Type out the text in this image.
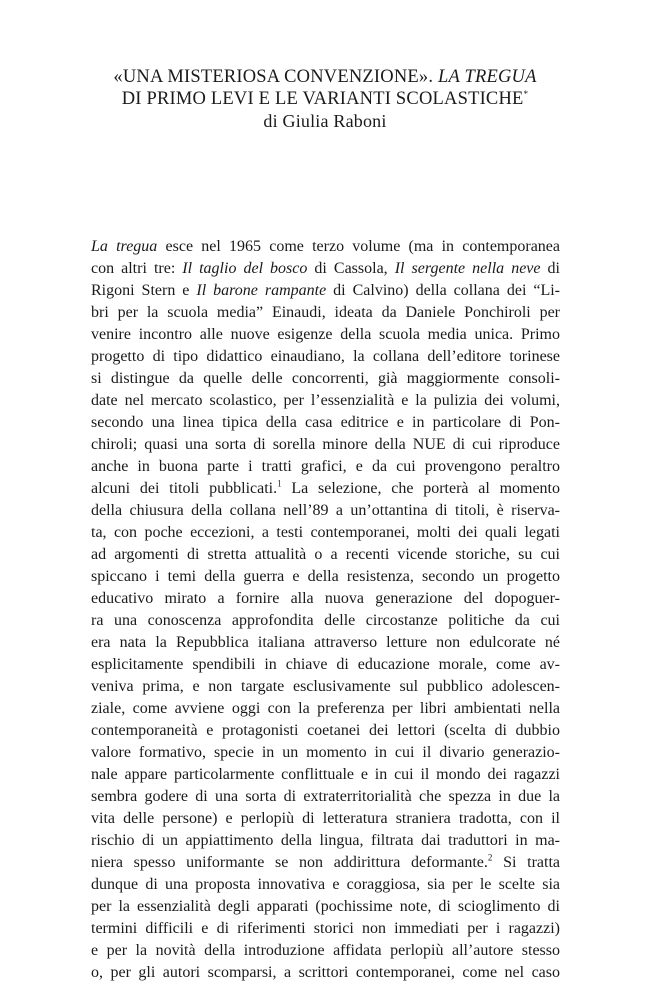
«UNA MISTERIOSA CONVENZIONE». LA TREGUA
DI PRIMO LEVI E LE VARIANTI SCOLASTICHE*
di Giulia Raboni
La tregua esce nel 1965 come terzo volume (ma in contemporanea
con altri tre: Il taglio del bosco di Cassola, Il sergente nella neve di
Rigoni Stern e Il barone rampante di Calvino) della collana dei “Li-
bri per la scuola media” Einaudi, ideata da Daniele Ponchiroli per
venire incontro alle nuove esigenze della scuola media unica. Primo
progetto di tipo didattico einaudiano, la collana dell’editore torinese
si distingue da quelle delle concorrenti, già maggiormente consoli-
date nel mercato scolastico, per l’essenzialità e la pulizia dei volumi,
secondo una linea tipica della casa editrice e in particolare di Pon-
chiroli; quasi una sorta di sorella minore della NUE di cui riproduce
anche in buona parte i tratti grafici, e da cui provengono peraltro
alcuni dei titoli pubblicati.$^1$ La selezione, che porterà al momento
della chiusura della collana nell’89 a un’ottantina di titoli, è riserva-
ta, con poche eccezioni, a testi contemporanei, molti dei quali legati
ad argomenti di stretta attualità o a recenti vicende storiche, su cui
spiccano i temi della guerra e della resistenza, secondo un progetto
educativo mirato a fornire alla nuova generazione del dopoguer-
ra una conoscenza approfondita delle circostanze politiche da cui
era nata la Repubblica italiana attraverso letture non edulcorate né
esplicitamente spendibili in chiave di educazione morale, come av-
veniva prima, e non targate esclusivamente sul pubblico adolescen-
ziale, come avviene oggi con la preferenza per libri ambientati nella
contemporaneità e protagonisti coetanei dei lettori (scelta di dubbio
valore formativo, specie in un momento in cui il divario generazio-
nale appare particolarmente conflittuale e in cui il mondo dei ragazzi
sembra godere di una sorta di extraterritorialità che spezza in due la
vita delle persone) e perlopiù di letteratura straniera tradotta, con il
rischio di un appiattimento della lingua, filtrata dai traduttori in ma-
niera spesso uniformante se non addirittura deformante.$^2$ Si tratta
dunque di una proposta innovativa e coraggiosa, sia per le scelte sia
per la essenzialità degli apparati (pochissime note, di scioglimento di
termini difficili e di riferimenti storici non immediati per i ragazzi)
e per la novità della introduzione affidata perlopiù all’autore stesso
o, per gli autori scomparsi, a scrittori contemporanei, come nel caso
